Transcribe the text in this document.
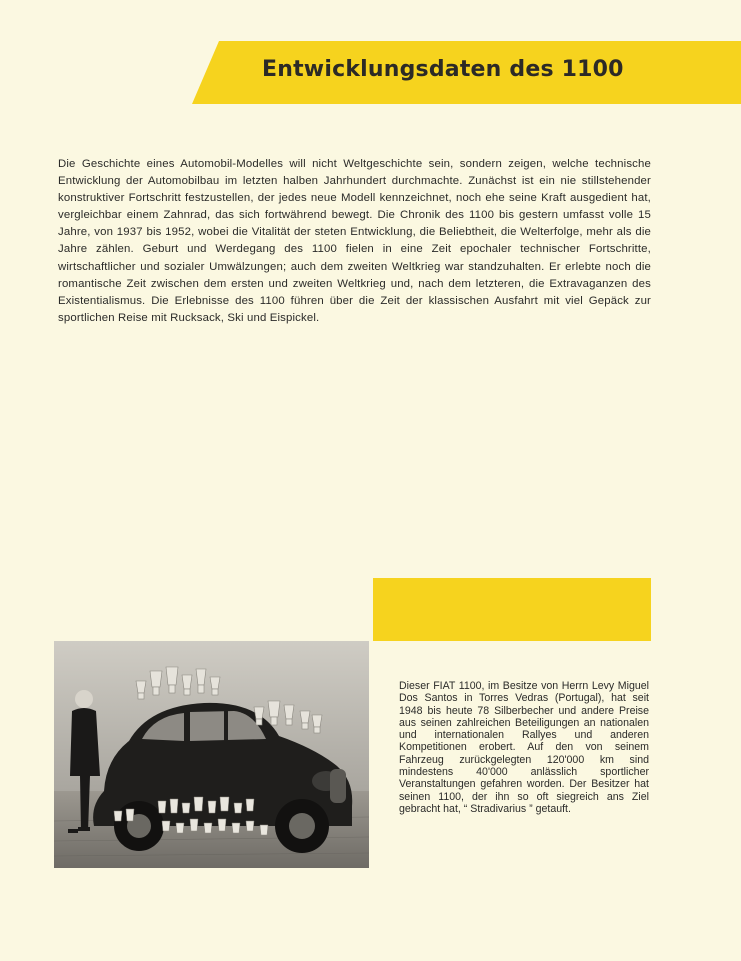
Entwicklungsdaten des 1100

Die Geschichte eines Automobil-Modelles will nicht Weltgeschichte sein, sondern zeigen, welche technische Entwicklung der Automobilbau im letzten halben Jahrhundert durchmachte. Zunächst ist ein nie stillstehender konstruktiver Fortschritt festzustellen, der jedes neue Modell kennzeichnet, noch ehe seine Kraft ausgedient hat, vergleichbar einem Zahnrad, das sich fortwährend bewegt. Die Chronik des 1100 bis gestern umfasst volle 15 Jahre, von 1937 bis 1952, wobei die Vitalität der steten Entwicklung, die Beliebtheit, die Welterfolge, mehr als die Jahre zählen. Geburt und Werdegang des 1100 fielen in eine Zeit epochaler technischer Fortschritte, wirtschaftlicher und sozialer Umwälzungen; auch dem zweiten Weltkrieg war standzuhalten. Er erlebte noch die romantische Zeit zwischen dem ersten und zweiten Weltkrieg und, nach dem letzteren, die Extravaganzen des Existentialismus. Die Erlebnisse des 1100 führen über die Zeit der klassischen Ausfahrt mit viel Gepäck zur sportlichen Reise mit Rucksack, Ski und Eispickel.

Dieser FIAT 1100, im Besitze von Herrn Levy Miguel Dos Santos in Torres Vedras (Portugal), hat seit 1948 bis heute 78 Silberbecher und andere Preise aus seinen zahlreichen Beteiligungen an nationalen und internationalen Rallyes und anderen Kompetitionen erobert. Auf den von seinem Fahrzeug zurückgelegten 120'000 km sind mindestens 40'000 anlässlich sportlicher Veranstaltungen gefahren worden. Der Besitzer hat seinen 1100, der ihn so oft siegreich ans Ziel gebracht hat, “ Stradivarius ” getauft.
